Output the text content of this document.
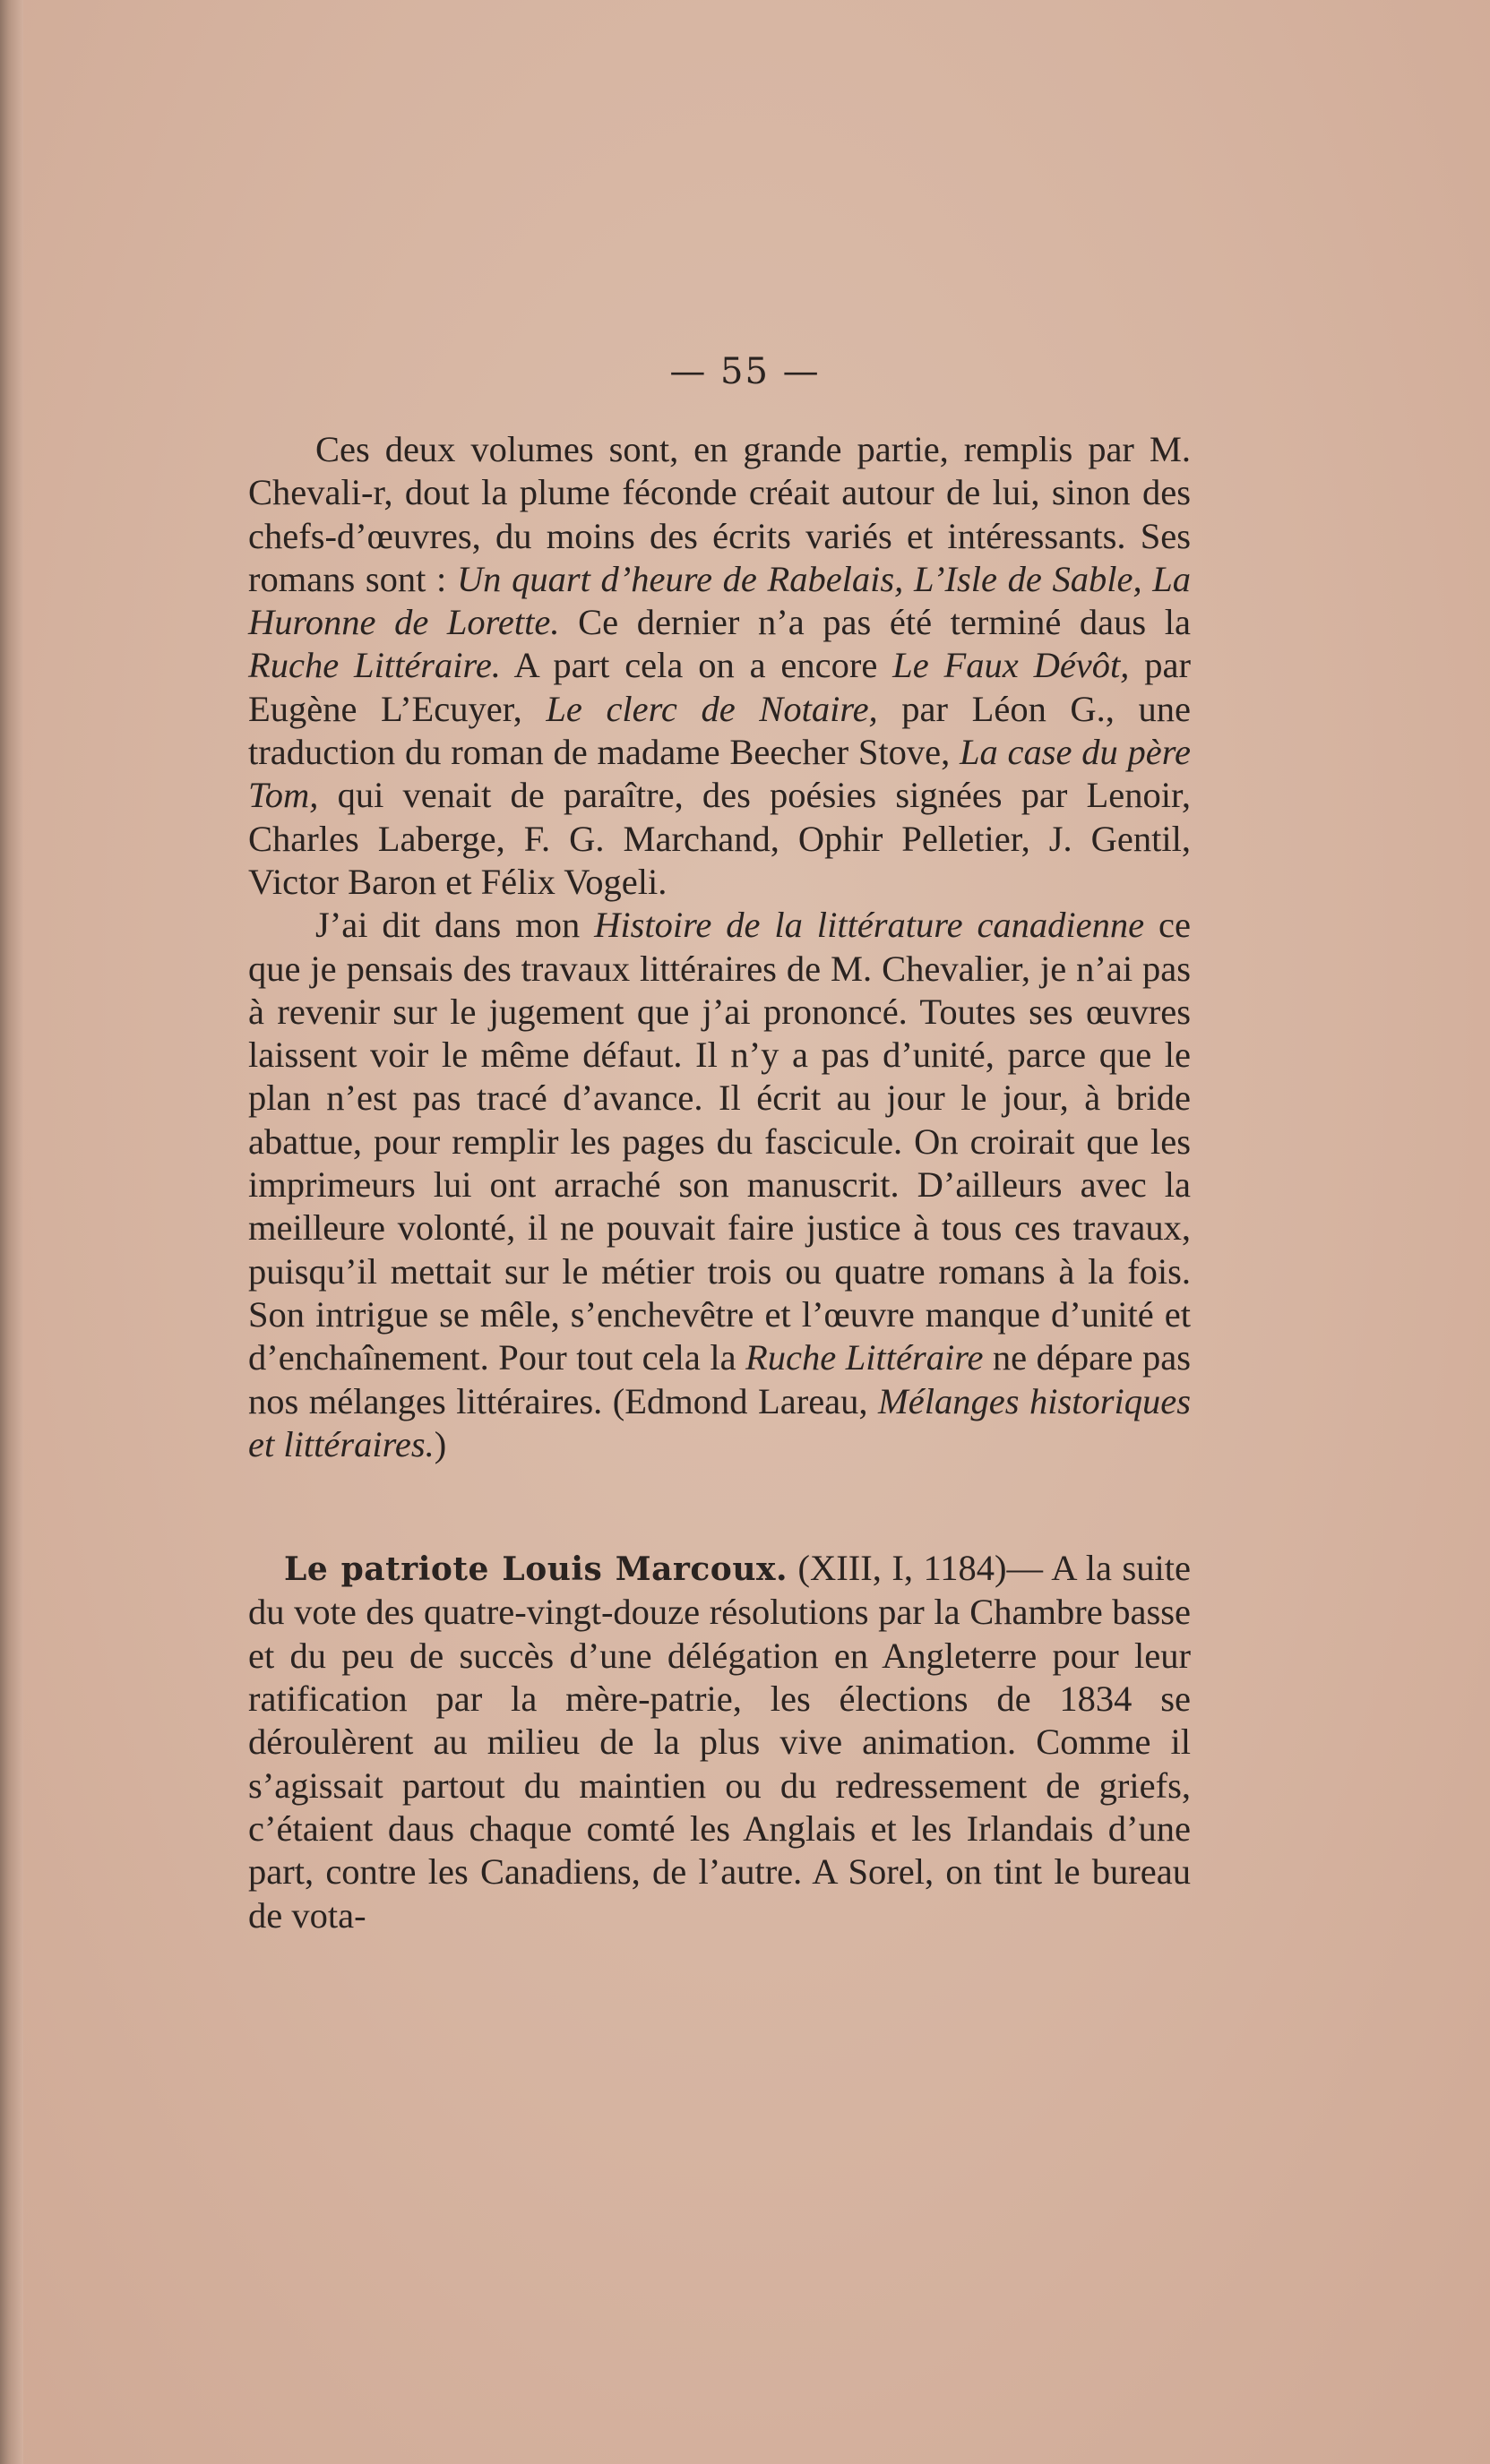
— 55 —

Ces deux volumes sont, en grande partie, remplis par M. Chevali-r, dout la plume féconde créait autour de lui, sinon des chefs-d’œuvres, du moins des écrits variés et intéressants. Ses romans sont : Un quart d’heure de Rabelais, L’Isle de Sable, La Huronne de Lorette. Ce dernier n’a pas été terminé daus la Ruche Littéraire. A part cela on a encore Le Faux Dévôt, par Eugène L’Ecuyer, Le clerc de Notaire, par Léon G., une traduction du roman de madame Beecher Stove, La case du père Tom, qui venait de paraître, des poésies signées par Lenoir, Charles Laberge, F. G. Marchand, Ophir Pelletier, J. Gentil, Victor Baron et Félix Vogeli.

J’ai dit dans mon Histoire de la littérature canadienne ce que je pensais des travaux littéraires de M. Chevalier, je n’ai pas à revenir sur le jugement que j’ai prononcé. Toutes ses œuvres laissent voir le même défaut. Il n’y a pas d’unité, parce que le plan n’est pas tracé d’avance. Il écrit au jour le jour, à bride abattue, pour remplir les pages du fascicule. On croirait que les imprimeurs lui ont arraché son manuscrit. D’ailleurs avec la meilleure volonté, il ne pouvait faire justice à tous ces travaux, puisqu’il mettait sur le métier trois ou quatre romans à la fois. Son intrigue se mêle, s’enchevêtre et l’œuvre manque d’unité et d’enchaînement. Pour tout cela la Ruche Littéraire ne dépare pas nos mélanges littéraires. (Edmond Lareau, Mélanges historiques et littéraires.)

Le patriote Louis Marcoux. (XIII, I, 1184)— A la suite du vote des quatre-vingt-douze résolutions par la Chambre basse et du peu de succès d’une délégation en Angleterre pour leur ratification par la mère-patrie, les élections de 1834 se déroulèrent au milieu de la plus vive animation. Comme il s’agissait partout du maintien ou du redressement de griefs, c’étaient daus chaque comté les Anglais et les Irlandais d’une part, contre les Canadiens, de l’autre. A Sorel, on tint le bureau de vota-
